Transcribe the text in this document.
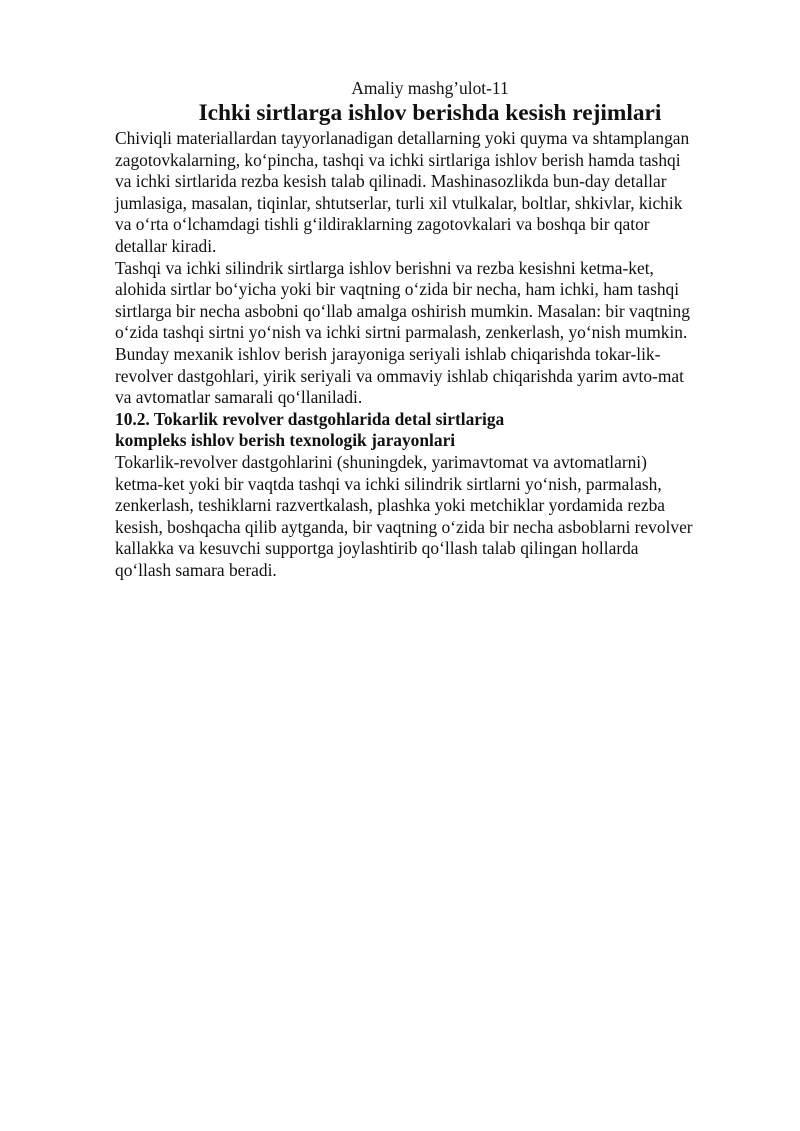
Amaliy mashg’ulot-11

Ichki sirtlarga ishlov berishda kesish rejimlari

Chiviqli materiallardan tayyorlanadigan detallarning yoki quyma va shtamplangan
zagotovkalarning, ko‘pincha, tashqi va ichki sirtlariga ishlov berish hamda tashqi
va ichki sirtlarida rezba kesish talab qilinadi. Mashinasozlikda bun-day detallar
jumlasiga, masalan, tiqinlar, shtutserlar, turli xil vtulkalar, boltlar, shkivlar, kichik
va o‘rta o‘lchamdagi tishli g‘ildiraklarning zagotovkalari va boshqa bir qator
detallar kiradi.

Tashqi va ichki silindrik sirtlarga ishlov berishni va rezba kesishni ketma-ket,
alohida sirtlar bo‘yicha yoki bir vaqtning o‘zida bir necha, ham ichki, ham tashqi
sirtlarga bir necha asbobni qo‘llab amalga oshirish mumkin. Masalan: bir vaqtning
o‘zida tashqi sirtni yo‘nish va ichki sirtni parmalash, zenkerlash, yo‘nish mumkin.
Bunday mexanik ishlov berish jarayoniga seriyali ishlab chiqarishda tokar-lik-
revolver dastgohlari, yirik seriyali va ommaviy ishlab chiqarishda yarim avto-mat
va avtomatlar samarali qo‘llaniladi.

10.2. Tokarlik revolver dastgohlarida detal sirtlariga
kompleks ishlov berish texnologik jarayonlari

Tokarlik-revolver dastgohlarini (shuningdek, yarimavtomat va avtomatlarni)
ketma-ket yoki bir vaqtda tashqi va ichki silindrik sirtlarni yo‘nish, parmalash,
zenkerlash, teshiklarni razvertkalash, plashka yoki metchiklar yordamida rezba
kesish, boshqacha qilib aytganda, bir vaqtning o‘zida bir necha asboblarni revolver
kallakka va kesuvchi supportga joylashtirib qo‘llash talab qilingan hollarda
qo‘llash samara beradi.
